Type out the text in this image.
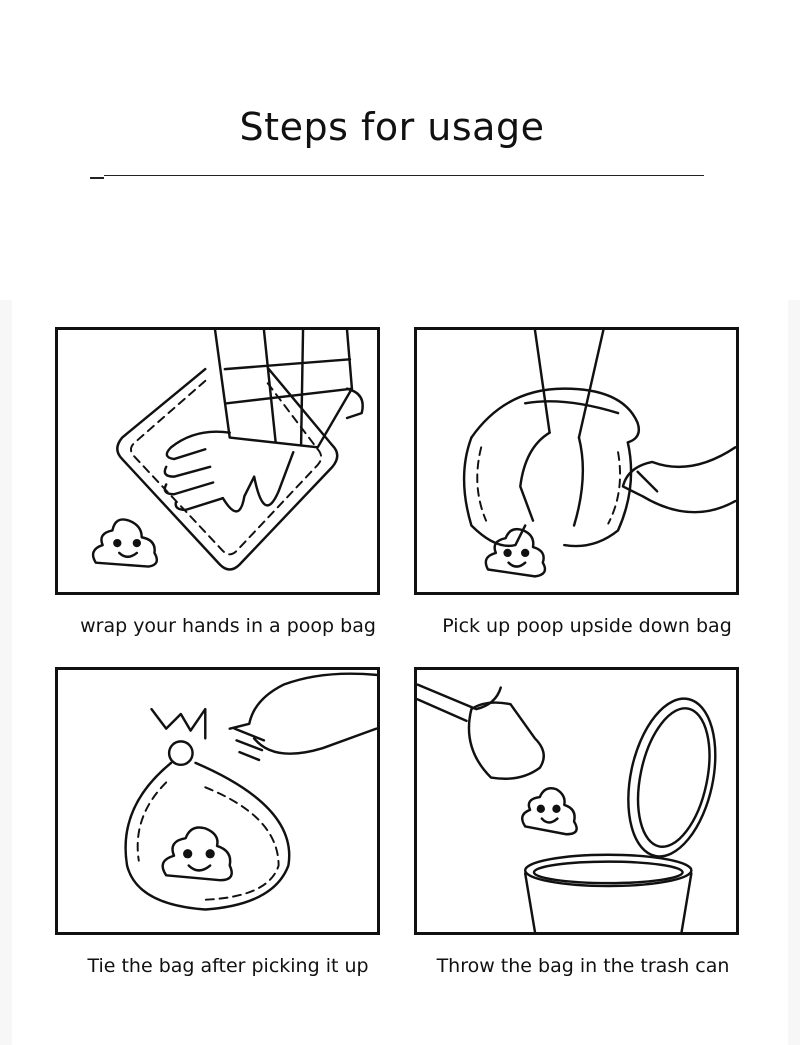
Steps for usage
wrap your hands in a poop bag	Pick up poop upside down bag
Tie the bag after picking it up	Throw the bag in the trash can
